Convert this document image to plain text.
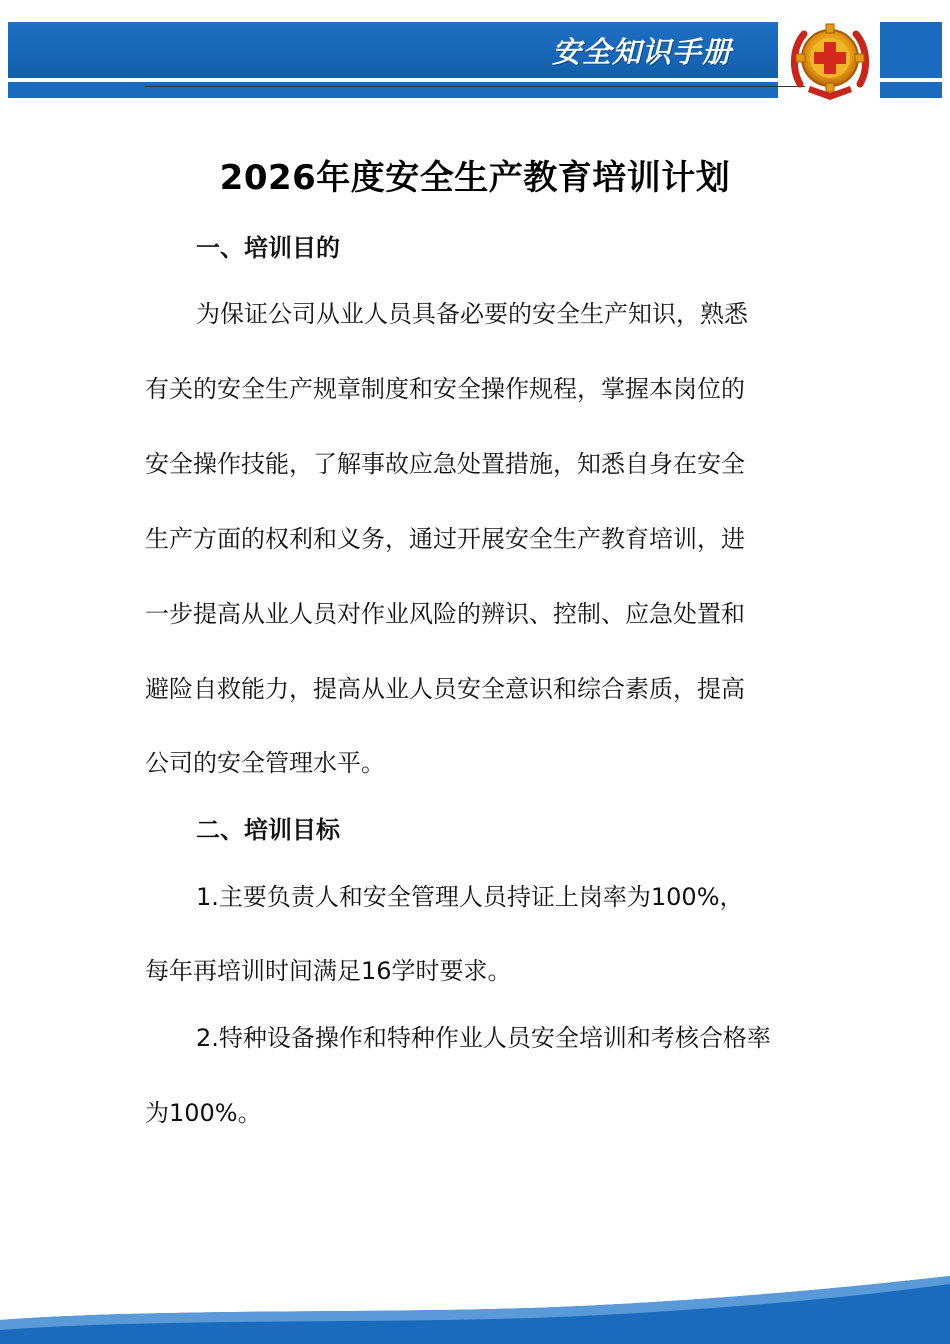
安全知识手册
2026年度安全生产教育培训计划
一、培训目的
为保证公司从业人员具备必要的安全生产知识，熟悉
有关的安全生产规章制度和安全操作规程，掌握本岗位的
安全操作技能，了解事故应急处置措施，知悉自身在安全
生产方面的权利和义务，通过开展安全生产教育培训，进
一步提高从业人员对作业风险的辨识、控制、应急处置和
避险自救能力，提高从业人员安全意识和综合素质，提高
公司的安全管理水平。
二、培训目标
1.主要负责人和安全管理人员持证上岗率为100%，
每年再培训时间满足16学时要求。
2.特种设备操作和特种作业人员安全培训和考核合格率
为100%。
